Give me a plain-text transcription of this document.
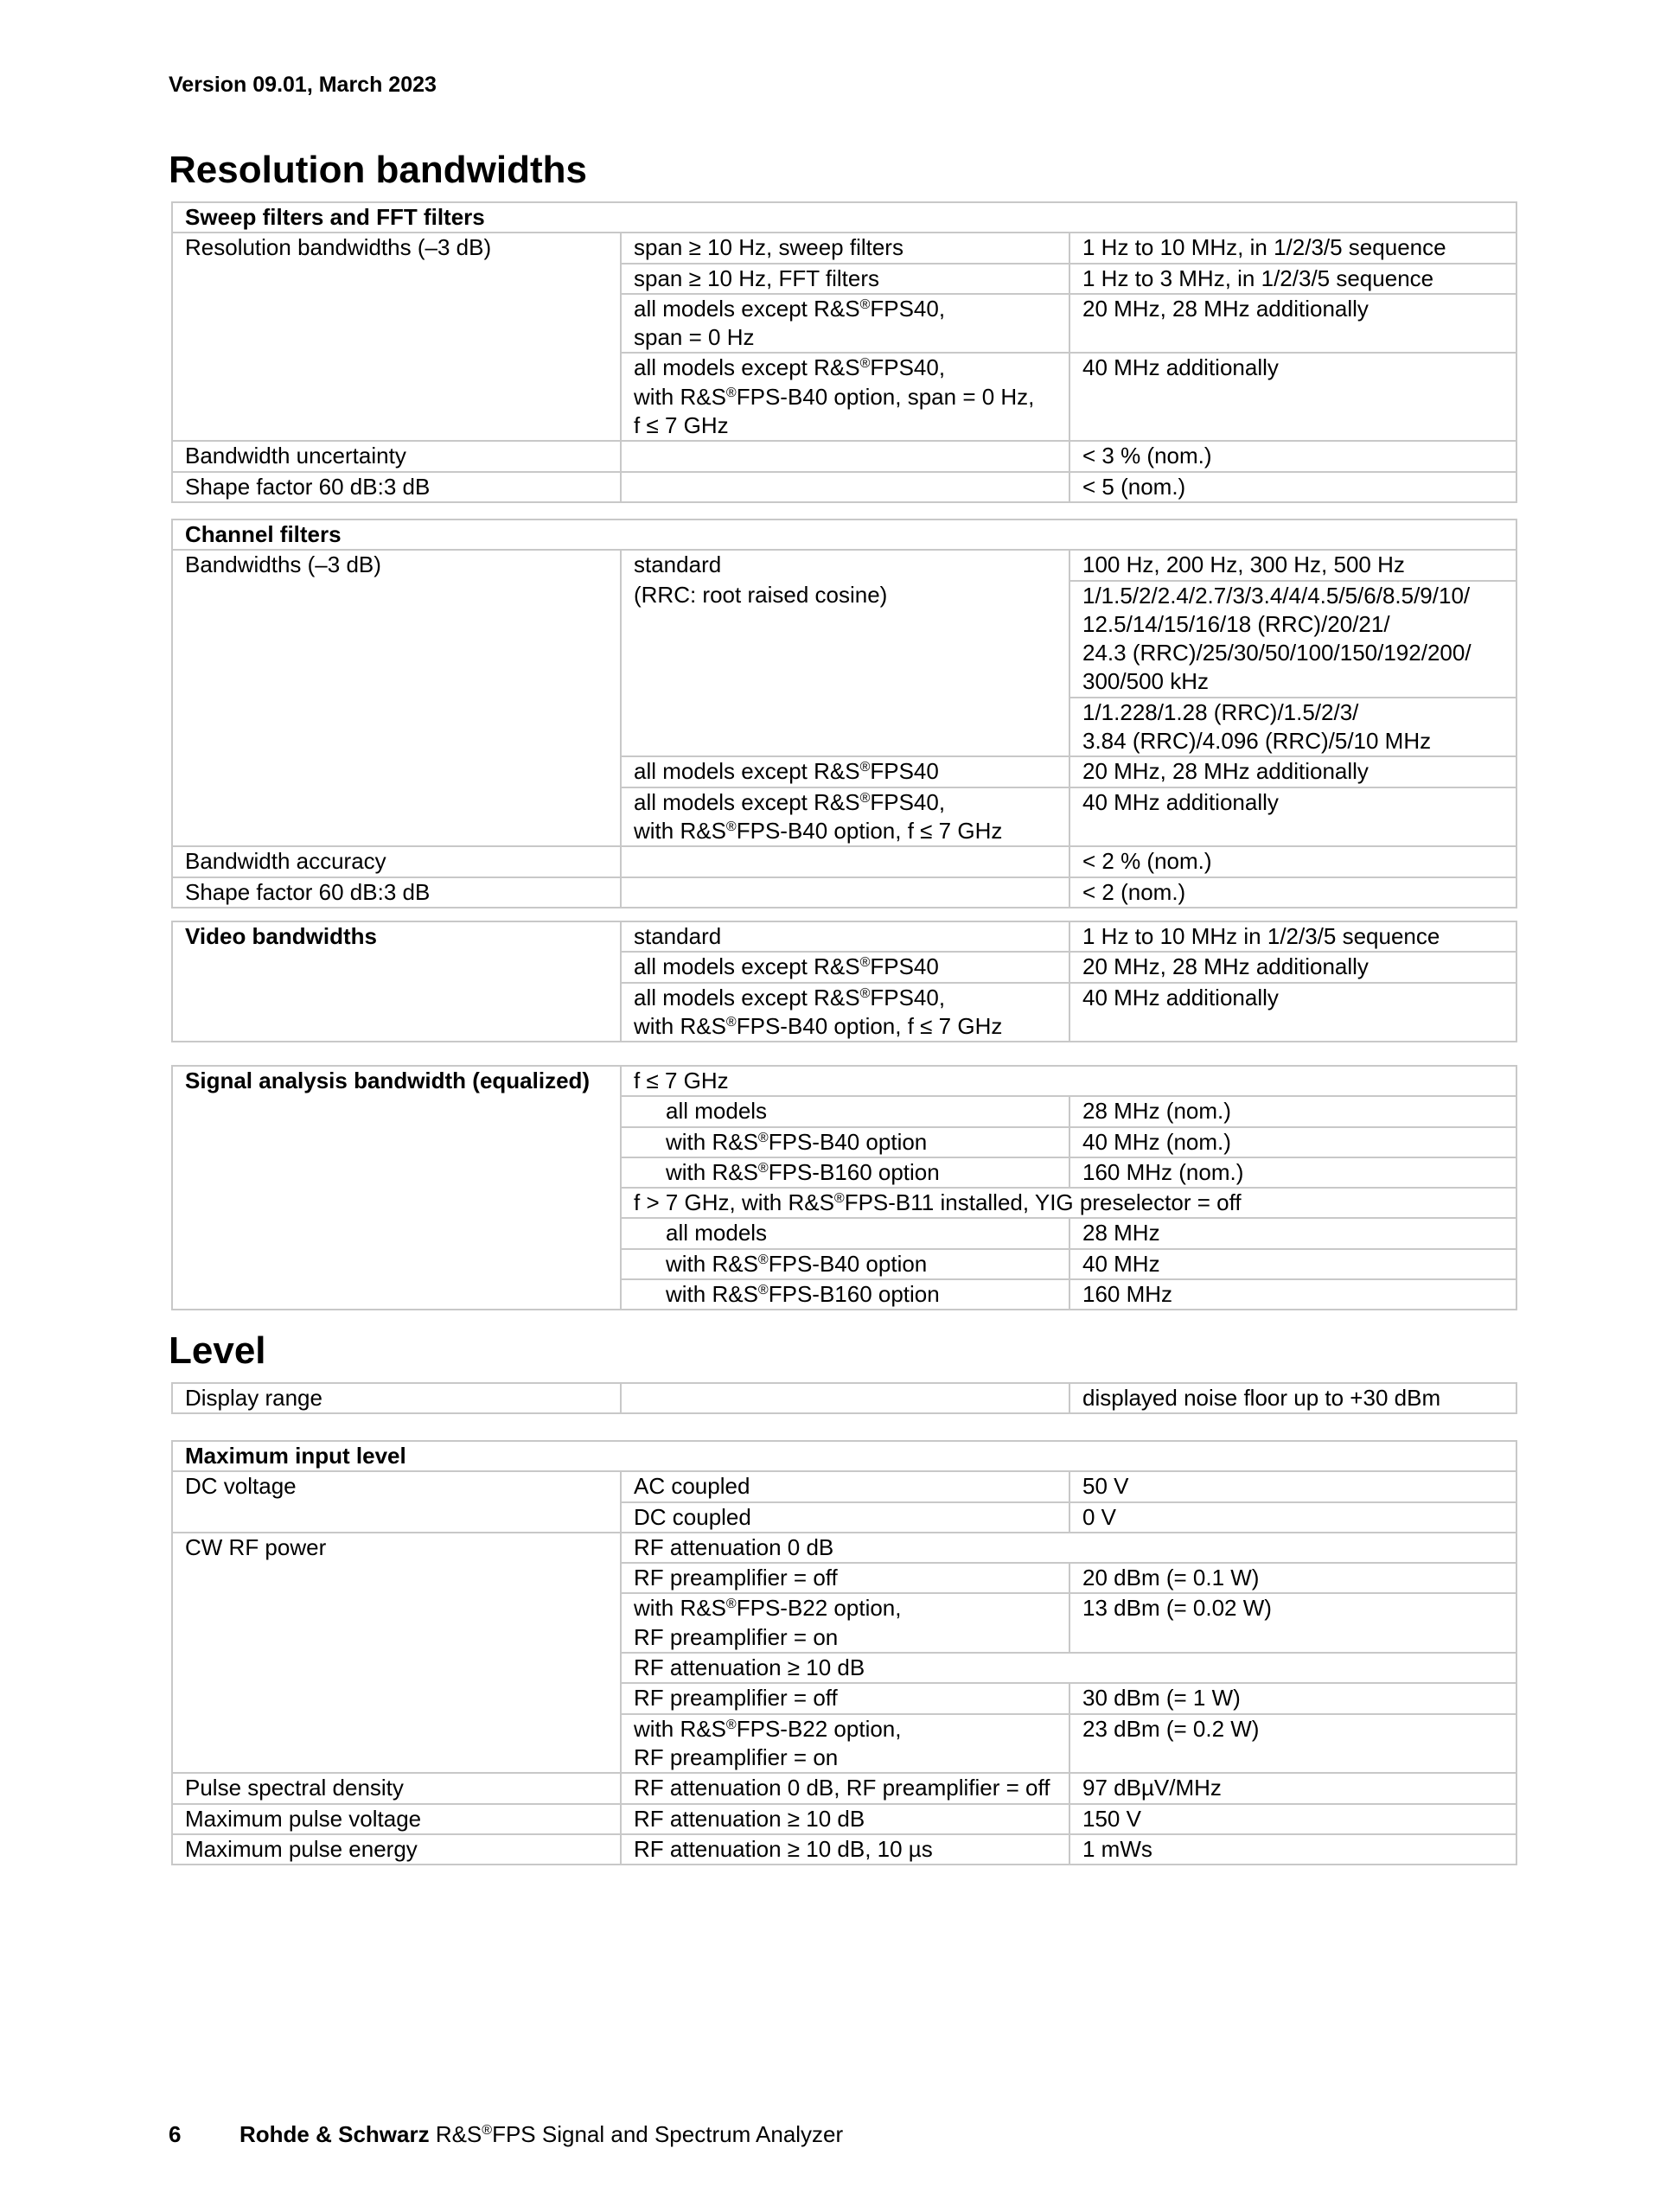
Version 09.01, March 2023
Resolution bandwidths
Sweep filters and FFT filters		
Resolution bandwidths (–3 dB)	span ≥ 10 Hz, sweep filters	1 Hz to 10 MHz, in 1/2/3/5 sequence
	span ≥ 10 Hz, FFT filters	1 Hz to 3 MHz, in 1/2/3/5 sequence
	all models except R&S®FPS40,
span = 0 Hz	20 MHz, 28 MHz additionally
	all models except R&S®FPS40,
with R&S®FPS-B40 option, span = 0 Hz,
f ≤ 7 GHz	40 MHz additionally
Bandwidth uncertainty		< 3 % (nom.)
Shape factor 60 dB:3 dB		< 5 (nom.)
Channel filters		
Bandwidths (–3 dB)	standard	100 Hz, 200 Hz, 300 Hz, 500 Hz
	(RRC: root raised cosine)	1/1.5/2/2.4/2.7/3/3.4/4/4.5/5/6/8.5/9/10/
12.5/14/15/16/18 (RRC)/20/21/
24.3 (RRC)/25/30/50/100/150/192/200/
300/500 kHz
		1/1.228/1.28 (RRC)/1.5/2/3/
3.84 (RRC)/4.096 (RRC)/5/10 MHz
	all models except R&S®FPS40	20 MHz, 28 MHz additionally
	all models except R&S®FPS40,
with R&S®FPS-B40 option, f ≤ 7 GHz	40 MHz additionally
Bandwidth accuracy		< 2 % (nom.)
Shape factor 60 dB:3 dB		< 2 (nom.)
Video bandwidths	standard	1 Hz to 10 MHz in 1/2/3/5 sequence
	all models except R&S®FPS40	20 MHz, 28 MHz additionally
	all models except R&S®FPS40,
with R&S®FPS-B40 option, f ≤ 7 GHz	40 MHz additionally
Signal analysis bandwidth (equalized)	f ≤ 7 GHz	
	all models	28 MHz (nom.)
	with R&S®FPS-B40 option	40 MHz (nom.)
	with R&S®FPS-B160 option	160 MHz (nom.)
	f > 7 GHz, with R&S®FPS-B11 installed, YIG preselector = off	
	all models	28 MHz
	with R&S®FPS-B40 option	40 MHz
	with R&S®FPS-B160 option	160 MHz
Level
Display range		displayed noise floor up to +30 dBm
Maximum input level		
DC voltage	AC coupled	50 V
	DC coupled	0 V
CW RF power	RF attenuation 0 dB	
	RF preamplifier = off	20 dBm (= 0.1 W)
	with R&S®FPS-B22 option,
RF preamplifier = on	13 dBm (= 0.02 W)
	RF attenuation ≥ 10 dB	
	RF preamplifier = off	30 dBm (= 1 W)
	with R&S®FPS-B22 option,
RF preamplifier = on	23 dBm (= 0.2 W)
Pulse spectral density	RF attenuation 0 dB, RF preamplifier = off	97 dBµV/MHz
Maximum pulse voltage	RF attenuation ≥ 10 dB	150 V
Maximum pulse energy	RF attenuation ≥ 10 dB, 10 µs	1 mWs
6	Rohde & Schwarz R&S®FPS Signal and Spectrum Analyzer
